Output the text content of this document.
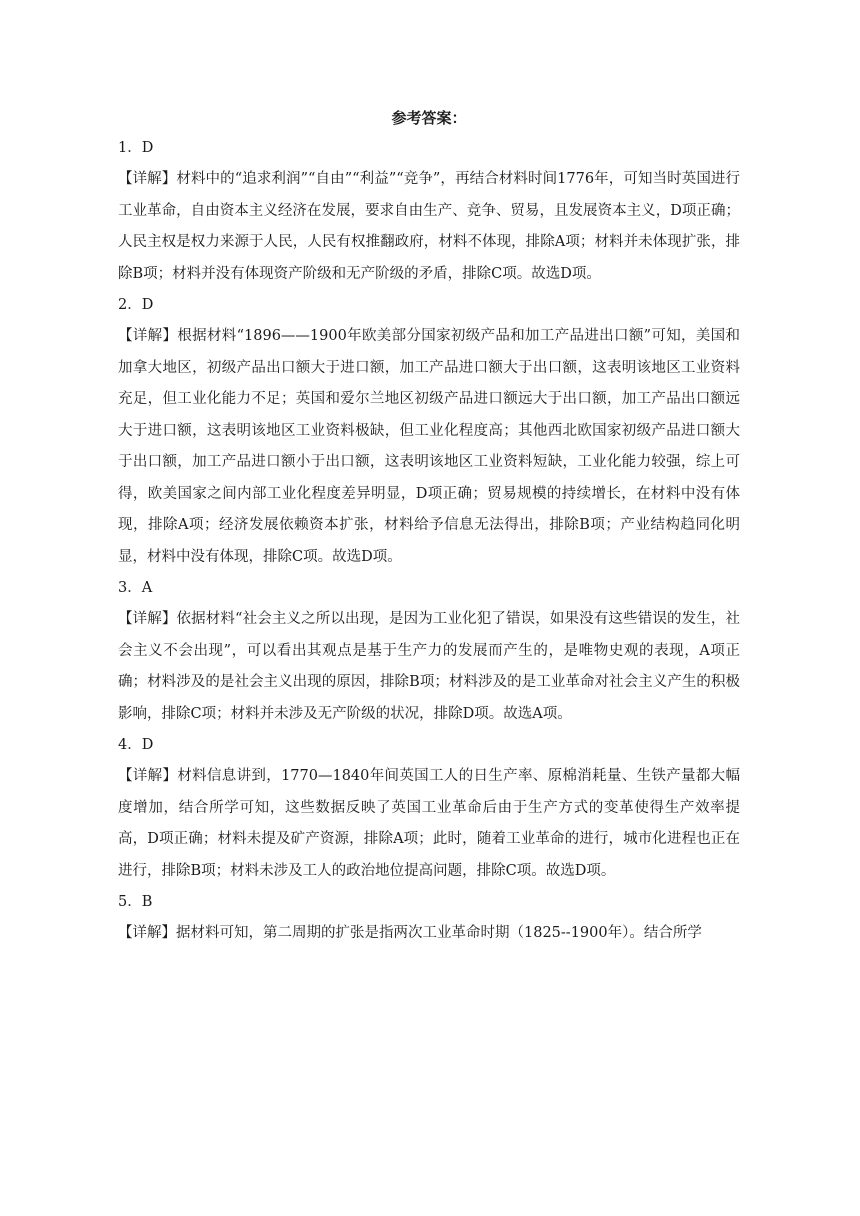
参考答案：

1．D

【详解】材料中的“追求利润”“自由”“利益”“竞争”，再结合材料时间1776年，可知当时英国进行工业革命，自由资本主义经济在发展，要求自由生产、竞争、贸易，且发展资本主义，D项正确；人民主权是权力来源于人民，人民有权推翻政府，材料不体现，排除A项；材料并未体现扩张，排除B项；材料并没有体现资产阶级和无产阶级的矛盾，排除C项。故选D项。

2．D

【详解】根据材料“1896——1900年欧美部分国家初级产品和加工产品进出口额”可知，美国和加拿大地区，初级产品出口额大于进口额，加工产品进口额大于出口额，这表明该地区工业资料充足，但工业化能力不足；英国和爱尔兰地区初级产品进口额远大于出口额，加工产品出口额远大于进口额，这表明该地区工业资料极缺，但工业化程度高；其他西北欧国家初级产品进口额大于出口额，加工产品进口额小于出口额，这表明该地区工业资料短缺，工业化能力较强，综上可得，欧美国家之间内部工业化程度差异明显，D项正确；贸易规模的持续增长，在材料中没有体现，排除A项；经济发展依赖资本扩张，材料给予信息无法得出，排除B项；产业结构趋同化明显，材料中没有体现，排除C项。故选D项。

3．A

【详解】依据材料“社会主义之所以出现，是因为工业化犯了错误，如果没有这些错误的发生，社会主义不会出现”，可以看出其观点是基于生产力的发展而产生的，是唯物史观的表现，A项正确；材料涉及的是社会主义出现的原因，排除B项；材料涉及的是工业革命对社会主义产生的积极影响，排除C项；材料并未涉及无产阶级的状况，排除D项。故选A项。

4．D

【详解】材料信息讲到，1770—1840年间英国工人的日生产率、原棉消耗量、生铁产量都大幅度增加，结合所学可知，这些数据反映了英国工业革命后由于生产方式的变革使得生产效率提高，D项正确；材料未提及矿产资源，排除A项；此时，随着工业革命的进行，城市化进程也正在进行，排除B项；材料未涉及工人的政治地位提高问题，排除C项。故选D项。

5．B

【详解】据材料可知，第二周期的扩张是指两次工业革命时期（1825--1900年）。结合所学
